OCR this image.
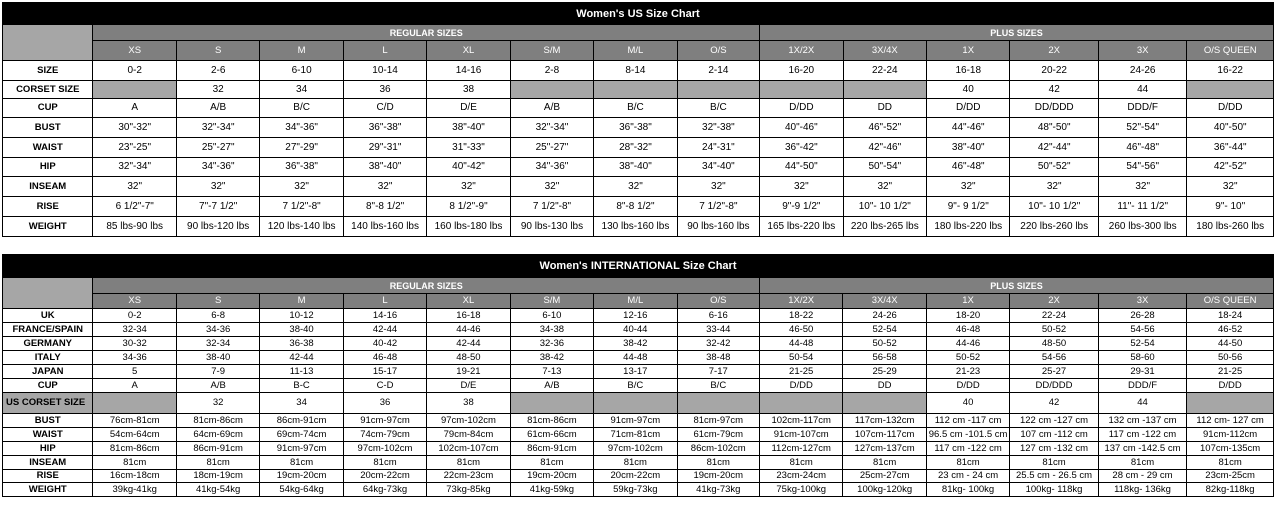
Women's US Size Chart														
	REGULAR SIZES								PLUS SIZES					
	XS	S	M	L	XL	S/M	M/L	O/S	1X/2X	3X/4X	1X	2X	3X	O/S QUEEN
SIZE	0-2	2-6	6-10	10-14	14-16	2-8	8-14	2-14	16-20	22-24	16-18	20-22	24-26	16-22
CORSET SIZE		32	34	36	38						40	42	44	
CUP	A	A/B	B/C	C/D	D/E	A/B	B/C	B/C	D/DD	DD	D/DD	DD/DDD	DDD/F	D/DD
BUST	30"-32"	32"-34"	34"-36"	36"-38"	38"-40"	32"-34"	36"-38"	32"-38"	40"-46"	46"-52"	44"-46"	48"-50"	52"-54"	40"-50"
WAIST	23"-25"	25"-27"	27"-29"	29"-31"	31"-33"	25"-27"	28"-32"	24"-31"	36"-42"	42"-46"	38"-40"	42"-44"	46"-48"	36"-44"
HIP	32"-34"	34"-36"	36"-38"	38"-40"	40"-42"	34"-36"	38"-40"	34"-40"	44"-50"	50"-54"	46"-48"	50"-52"	54"-56"	42"-52"
INSEAM	32"	32"	32"	32"	32"	32"	32"	32"	32"	32"	32"	32"	32"	32"
RISE	6 1/2"-7"	7"-7 1/2"	7 1/2"-8"	8"-8 1/2"	8 1/2"-9"	7 1/2"-8"	8"-8 1/2"	7 1/2"-8"	9"-9 1/2"	10"- 10 1/2"	9"- 9 1/2"	10"- 10 1/2"	11"- 11 1/2"	9"- 10"
WEIGHT	85 lbs-90 lbs	90 lbs-120 lbs	120 lbs-140 lbs	140 lbs-160 lbs	160 lbs-180 lbs	90 lbs-130 lbs	130 lbs-160 lbs	90 lbs-160 lbs	165 lbs-220 lbs	220 lbs-265 lbs	180 lbs-220 lbs	220 lbs-260 lbs	260 lbs-300 lbs	180 lbs-260 lbs
Women's INTERNATIONAL Size Chart														
	REGULAR SIZES								PLUS SIZES					
	XS	S	M	L	XL	S/M	M/L	O/S	1X/2X	3X/4X	1X	2X	3X	O/S QUEEN
UK	0-2	6-8	10-12	14-16	16-18	6-10	12-16	6-16	18-22	24-26	18-20	22-24	26-28	18-24
FRANCE/SPAIN	32-34	34-36	38-40	42-44	44-46	34-38	40-44	33-44	46-50	52-54	46-48	50-52	54-56	46-52
GERMANY	30-32	32-34	36-38	40-42	42-44	32-36	38-42	32-42	44-48	50-52	44-46	48-50	52-54	44-50
ITALY	34-36	38-40	42-44	46-48	48-50	38-42	44-48	38-48	50-54	56-58	50-52	54-56	58-60	50-56
JAPAN	5	7-9	11-13	15-17	19-21	7-13	13-17	7-17	21-25	25-29	21-23	25-27	29-31	21-25
CUP	A	A/B	B-C	C-D	D/E	A/B	B/C	B/C	D/DD	DD	D/DD	DD/DDD	DDD/F	D/DD
US CORSET SIZE		32	34	36	38						40	42	44	
BUST	76cm-81cm	81cm-86cm	86cm-91cm	91cm-97cm	97cm-102cm	81cm-86cm	91cm-97cm	81cm-97cm	102cm-117cm	117cm-132cm	112 cm -117 cm	122 cm -127 cm	132 cm -137 cm	112 cm- 127 cm
WAIST	54cm-64cm	64cm-69cm	69cm-74cm	74cm-79cm	79cm-84cm	61cm-66cm	71cm-81cm	61cm-79cm	91cm-107cm	107cm-117cm	96.5 cm -101.5 cm	107 cm -112 cm	117 cm -122 cm	91cm-112cm
HIP	81cm-86cm	86cm-91cm	91cm-97cm	97cm-102cm	102cm-107cm	86cm-91cm	97cm-102cm	86cm-102cm	112cm-127cm	127cm-137cm	117 cm -122 cm	127 cm -132 cm	137 cm -142.5 cm	107cm-135cm
INSEAM	81cm	81cm	81cm	81cm	81cm	81cm	81cm	81cm	81cm	81cm	81cm	81cm	81cm	81cm
RISE	16cm-18cm	18cm-19cm	19cm-20cm	20cm-22cm	22cm-23cm	19cm-20cm	20cm-22cm	19cm-20cm	23cm-24cm	25cm-27cm	23 cm - 24 cm	25.5 cm - 26.5 cm	28 cm - 29 cm	23cm-25cm
WEIGHT	39kg-41kg	41kg-54kg	54kg-64kg	64kg-73kg	73kg-85kg	41kg-59kg	59kg-73kg	41kg-73kg	75kg-100kg	100kg-120kg	81kg- 100kg	100kg- 118kg	118kg- 136kg	82kg-118kg
